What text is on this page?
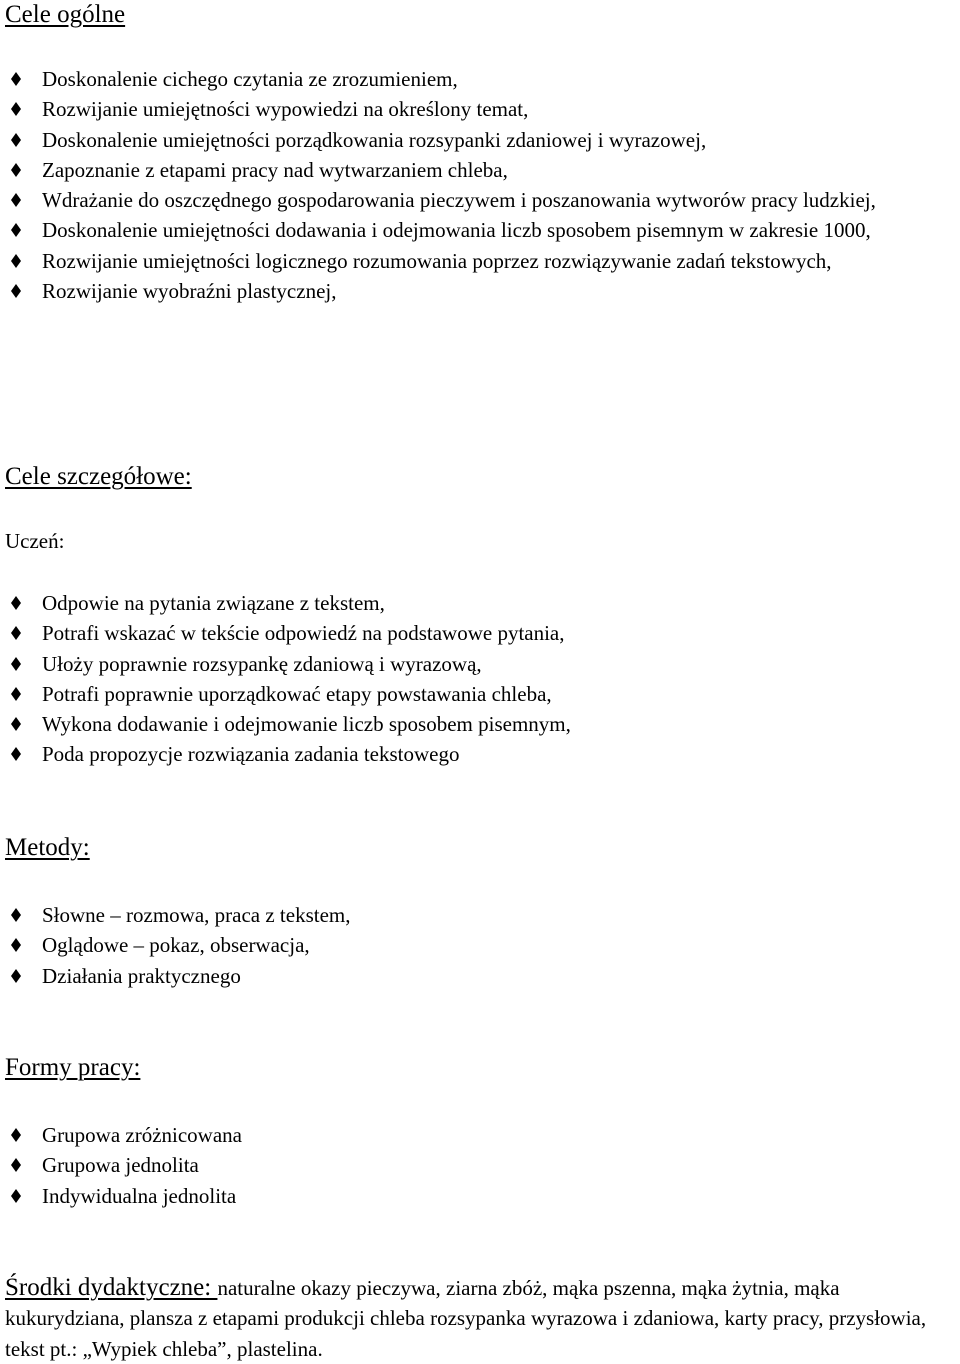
Cele ogólne
Doskonalenie cichego czytania ze zrozumieniem,
Rozwijanie umiejętności wypowiedzi na określony temat,
Doskonalenie umiejętności porządkowania rozsypanki zdaniowej i wyrazowej,
Zapoznanie z etapami pracy nad wytwarzaniem chleba,
Wdrażanie do oszczędnego gospodarowania pieczywem i poszanowania wytworów pracy ludzkiej,
Doskonalenie umiejętności dodawania i odejmowania liczb sposobem pisemnym w zakresie 1000,
Rozwijanie umiejętności logicznego rozumowania poprzez rozwiązywanie zadań tekstowych,
Rozwijanie wyobraźni plastycznej,
Cele szczegółowe:

Uczeń:

Odpowie na pytania związane z tekstem,
Potrafi wskazać w tekście odpowiedź na podstawowe pytania,
Ułoży poprawnie rozsypankę zdaniową i wyrazową,
Potrafi poprawnie uporządkować etapy powstawania chleba,
Wykona dodawanie i odejmowanie liczb sposobem pisemnym,
Poda propozycje rozwiązania zadania tekstowego
Metody:
Słowne – rozmowa, praca z tekstem,
Oglądowe – pokaz, obserwacja,
Działania praktycznego
Formy pracy:
Grupowa zróżnicowana
Grupowa jednolita
Indywidualna jednolita

Środki dydaktyczne: naturalne okazy pieczywa, ziarna zbóż, mąka pszenna, mąka żytnia, mąka kukurydziana, plansza z etapami produkcji chleba rozsypanka wyrazowa i zdaniowa, karty pracy, przysłowia, tekst pt.: „Wypiek chleba”, plastelina.
